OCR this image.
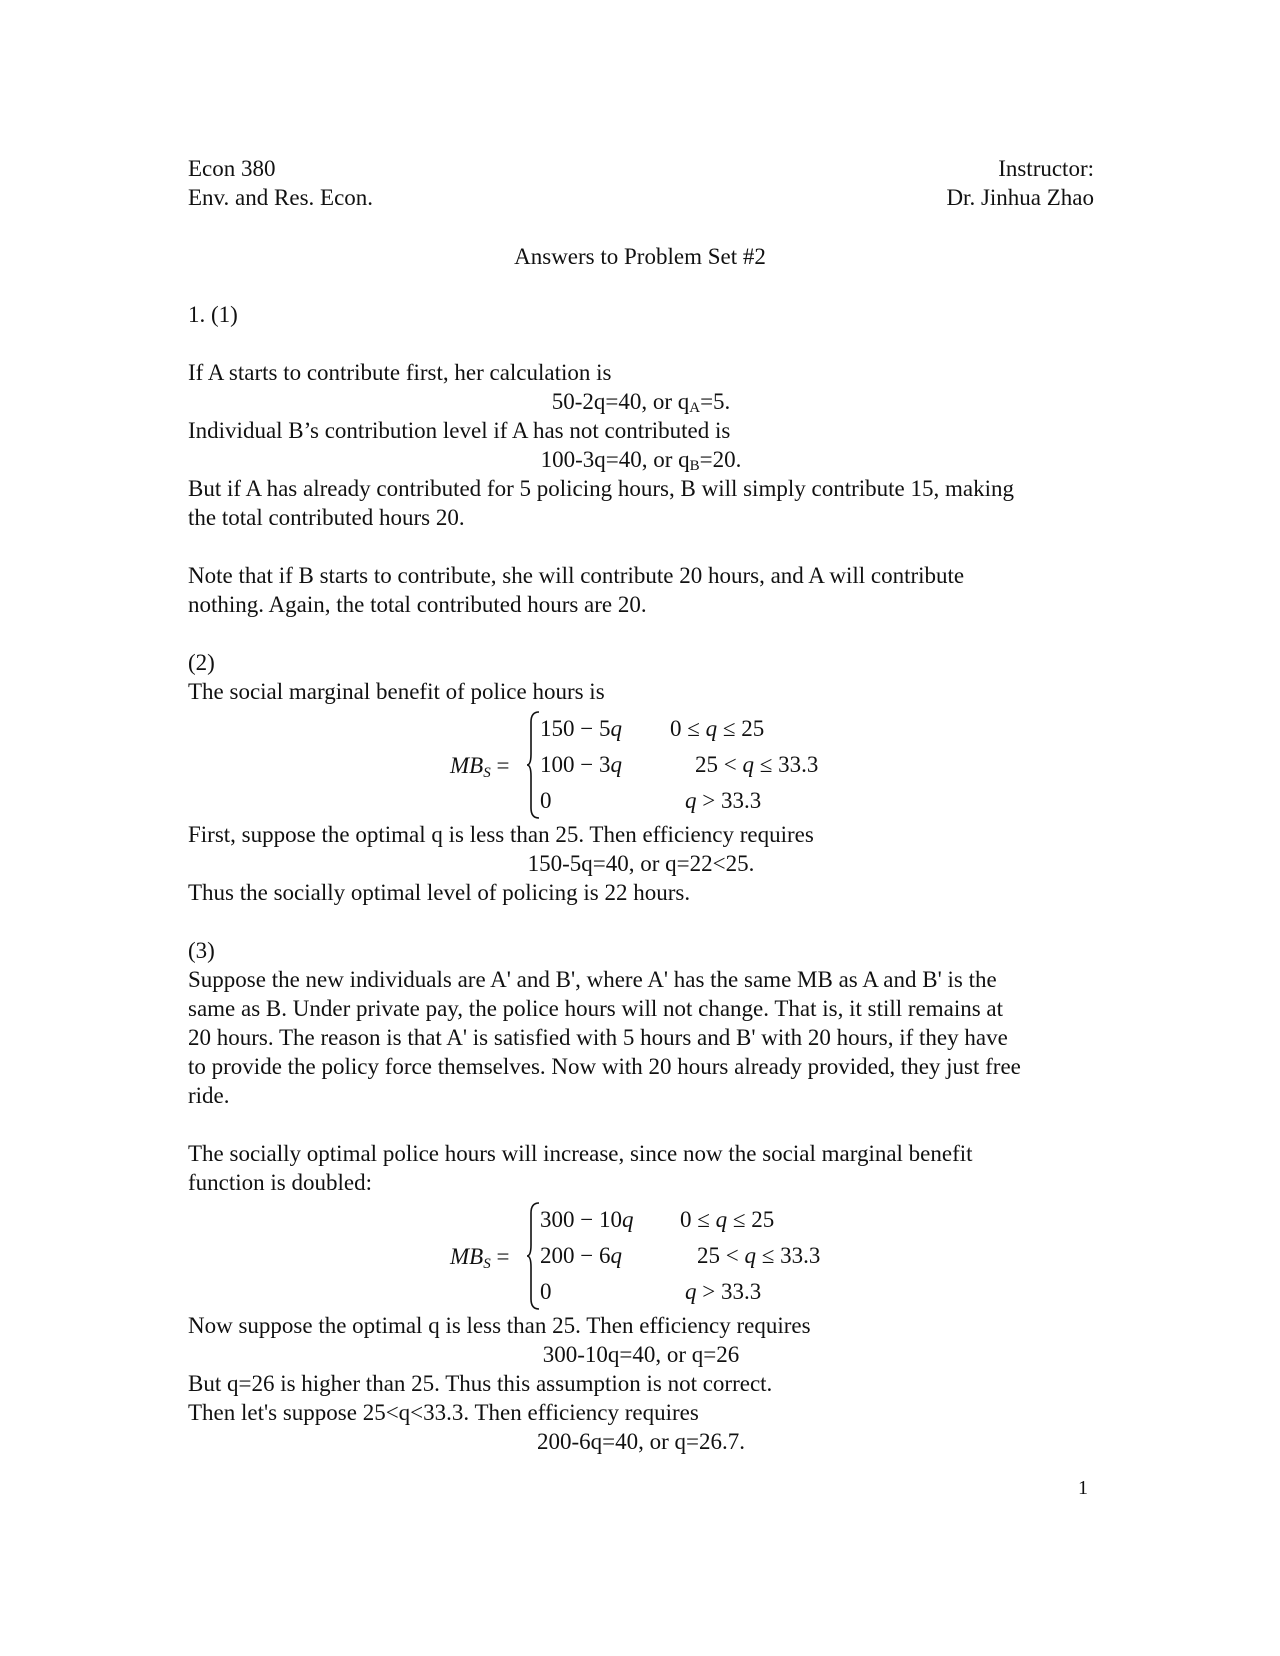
Econ 380
Env. and Res. Econ.
Instructor:
Dr. Jinhua Zhao
Answers to Problem Set #2

1. (1)

If A starts to contribute first, her calculation is

50-2q=40, or $q_A=5$.

Individual B’s contribution level if A has not contributed is

100-3q=40, or $q_B=20$.

But if A has already contributed for 5 policing hours, B will simply contribute 15, making

the total contributed hours 20.

Note that if B starts to contribute, she will contribute 20 hours, and A will contribute

nothing. Again, the total contributed hours are 20.

(2)

The social marginal benefit of police hours is

MBS =
150 − 5q
100 − 3q
0
0 ≤ q ≤ 25
25 < q ≤ 33.3
q > 33.3

First, suppose the optimal q is less than 25. Then efficiency requires

150-5q=40, or q=22<25.

Thus the socially optimal level of policing is 22 hours.

(3)

Suppose the new individuals are A' and B', where A' has the same MB as A and B' is the

same as B. Under private pay, the police hours will not change. That is, it still remains at

20 hours. The reason is that A' is satisfied with 5 hours and B' with 20 hours, if they have

to provide the policy force themselves. Now with 20 hours already provided, they just free

ride.

The socially optimal police hours will increase, since now the social marginal benefit

function is doubled:

MBS =
300 − 10q
200 − 6q
0
0 ≤ q ≤ 25
25 < q ≤ 33.3
q > 33.3

Now suppose the optimal q is less than 25. Then efficiency requires

300-10q=40, or q=26

But q=26 is higher than 25. Thus this assumption is not correct.

Then let's suppose 25<q<33.3. Then efficiency requires

200-6q=40, or q=26.7.

1
